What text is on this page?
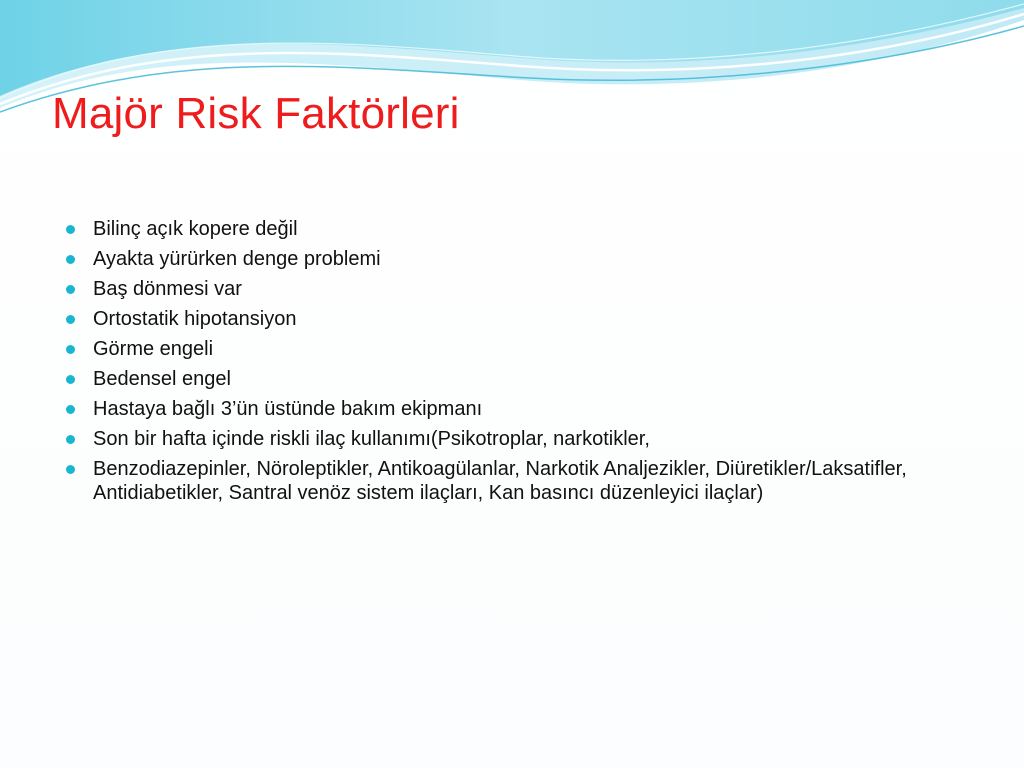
Majör Risk Faktörleri
Bilinç açık kopere değil
Ayakta yürürken denge problemi
Baş dönmesi var
Ortostatik hipotansiyon
Görme engeli
Bedensel engel
Hastaya bağlı 3’ün üstünde bakım ekipmanı
Son bir hafta içinde riskli ilaç kullanımı(Psikotroplar, narkotikler,
Benzodiazepinler, Nöroleptikler, Antikoagülanlar, Narkotik Analjezikler, Diüretikler/Laksatifler, Antidiabetikler, Santral venöz sistem ilaçları, Kan basıncı düzenleyici ilaçlar)
